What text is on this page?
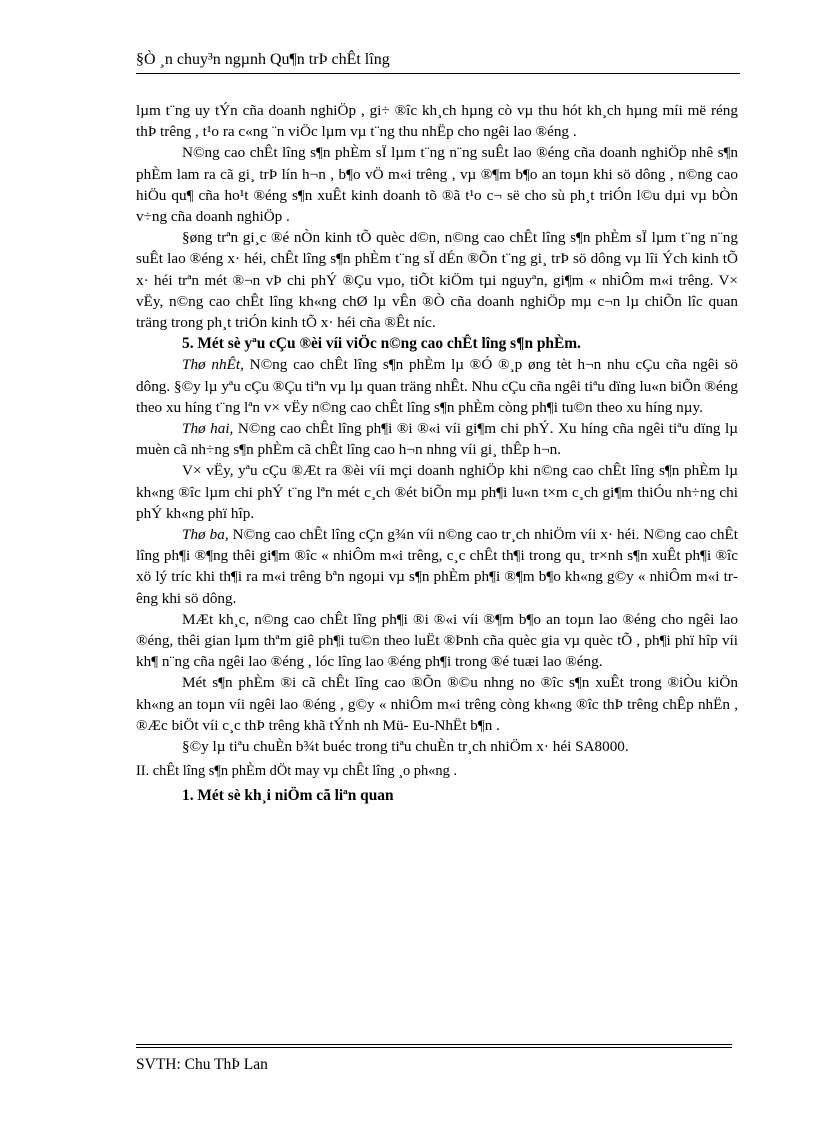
§Ò ¸n chuy³n ngµnh Qu¶n trÞ chÊt lîng

lµm t¨ng uy tÝn cña doanh nghiÖp , gi÷ ®îc kh¸ch hµng cò vµ thu hót kh¸ch hµng míi më réng thÞ trêng , t¹o ra c«ng ¨n viÖc lµm vµ t¨ng thu nhËp cho ngêi lao ®éng .

N©ng cao chÊt lîng s¶n phÈm sÏ lµm t¨ng n¨ng suÊt lao ®éng cña doanh nghiÖp nhê s¶n phÈm lam ra cã gi¸ trÞ lín h¬n , b¶o vÖ m«i trêng , vµ ®¶m b¶o an toµn khi sö dông , n©ng cao hiÖu qu¶ cña ho¹t ®éng s¶n xuÊt kinh doanh tõ ®ã t¹o c¬ së cho sù ph¸t triÓn l©u dµi vµ bÒn v÷ng cña doanh nghiÖp .

§øng trªn gi¸c ®é nÒn kinh tÕ quèc d©n, n©ng cao chÊt lîng s¶n phÈm sÏ lµm t¨ng n¨ng suÊt lao ®éng x· héi, chÊt lîng s¶n phÈm t¨ng sÏ dÉn ®Õn t¨ng gi¸ trÞ sö dông vµ lîi Ých kinh tÕ x· héi trªn mét ®¬n vÞ chi phÝ ®Çu vµo, tiÕt kiÖm tµi nguyªn, gi¶m « nhiÔm m«i trêng. V× vËy, n©ng cao chÊt lîng kh«ng chØ lµ vÊn ®Ò cña doanh nghiÖp mµ c¬n lµ chiÕn lîc quan träng trong ph¸t triÓn kinh tÕ x· héi cña ®Êt níc.

5. Mét sè yªu cÇu ®èi víi viÖc n©ng cao chÊt lîng s¶n phÈm.

Thø nhÊt, N©ng cao chÊt lîng s¶n phÈm lµ ®Ó ®¸p øng tèt h¬n nhu cÇu cña ngêi sö dông. §©y lµ yªu cÇu ®Çu tiªn vµ lµ quan träng nhÊt. Nhu cÇu cña ngêi tiªu dïng lu«n biÕn ®éng theo xu híng t¨ng lªn v× vËy n©ng cao chÊt lîng s¶n phÈm còng ph¶i tu©n theo xu híng nµy.

Thø hai, N©ng cao chÊt lîng ph¶i ®i ®«i víi gi¶m chi phÝ. Xu híng cña ngêi tiªu dïng lµ muèn cã nh÷ng s¶n phÈm cã chÊt lîng cao h¬n nhng víi gi¸ thÊp h¬n.

V× vËy, yªu cÇu ®Æt ra ®èi víi mçi doanh nghiÖp khi n©ng cao chÊt lîng s¶n phÈm lµ kh«ng ®îc lµm chi phÝ t¨ng lªn mét c¸ch ®ét biÕn mµ ph¶i lu«n t×m c¸ch gi¶m thiÓu nh÷ng chi phÝ kh«ng phï hîp.

Thø ba, N©ng cao chÊt lîng cÇn g¾n víi n©ng cao tr¸ch nhiÖm víi x· héi. N©ng cao chÊt lîng ph¶i ®¶ng thêi gi¶m ®îc « nhiÔm m«i trêng, c¸c chÊt th¶i trong qu¸ tr×nh s¶n xuÊt ph¶i ®îc xö lý tríc khi th¶i ra m«i trêng bªn ngoµi vµ s¶n phÈm ph¶i ®¶m b¶o kh«ng g©y « nhiÔm m«i trêng khi sö dông.

MÆt kh¸c, n©ng cao chÊt lîng ph¶i ®i ®«i víi ®¶m b¶o an toµn lao ®éng cho ngêi lao ®éng, thêi gian lµm thªm giê ph¶i tu©n theo luËt ®Þnh cña quèc gia vµ quèc tÕ , ph¶i phï hîp víi kh¶ n¨ng cña ngêi lao ®éng , lóc lîng lao ®éng ph¶i trong ®é tuæi lao ®éng.

Mét s¶n phÈm ®i cã chÊt lîng cao ®Õn ®©u nhng no ®îc s¶n xuÊt trong ®iÒu kiÖn kh«ng an toµn víi ngêi lao ®éng , g©y « nhiÔm m«i trêng còng kh«ng ®îc thÞ trêng chÊp nhËn , ®Æc biÖt víi c¸c thÞ trêng khã tÝnh nh Mü- Eu-NhËt b¶n .

§©y lµ tiªu chuÈn b¾t buéc trong tiªu chuÈn tr¸ch nhiÖm x· héi SA8000.

II. chÊt lîng s¶n phÈm dÖt may vµ chÊt lîng ¸o ph«ng .

1. Mét sè kh¸i niÖm cã liªn quan

SVTH: Chu ThÞ Lan
